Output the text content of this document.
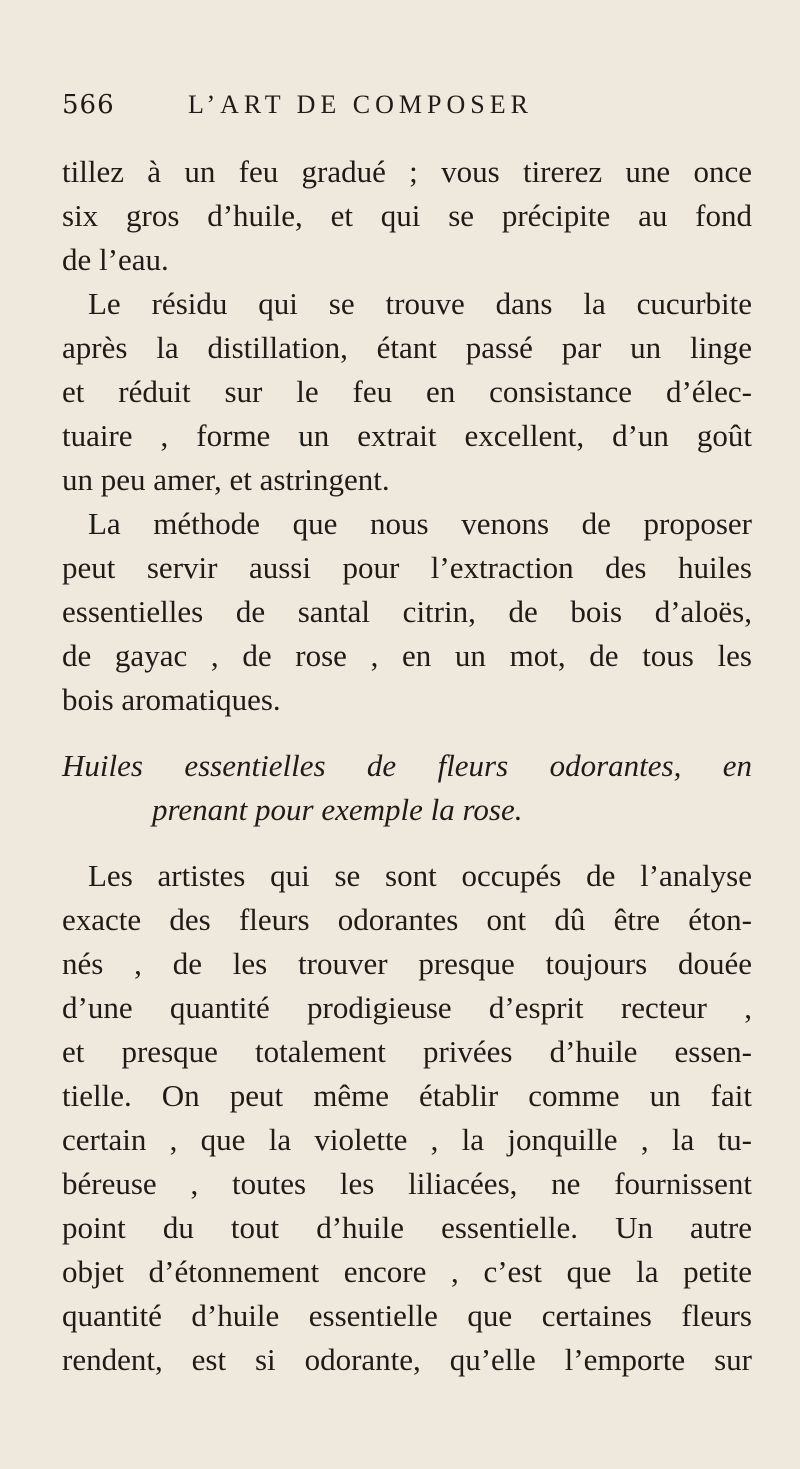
566	L’ART DE COMPOSER
tillez à un feu gradué ; vous tirerez une once
six gros d’huile, et qui se précipite au fond
de l’eau.
Le résidu qui se trouve dans la cucurbite
après la distillation, étant passé par un linge
et réduit sur le feu en consistance d’élec-
tuaire , forme un extrait excellent, d’un goût
un peu amer, et astringent.
La méthode que nous venons de proposer
peut servir aussi pour l’extraction des huiles
essentielles de santal citrin, de bois d’aloës,
de gayac , de rose , en un mot, de tous les
bois aromatiques.
Huiles essentielles de fleurs odorantes, en
prenant pour exemple la rose.
Les artistes qui se sont occupés de l’analyse
exacte des fleurs odorantes ont dû être éton-
nés , de les trouver presque toujours douée
d’une quantité prodigieuse d’esprit recteur ,
et presque totalement privées d’huile essen-
tielle. On peut même établir comme un fait
certain , que la violette , la jonquille , la tu-
béreuse , toutes les liliacées, ne fournissent
point du tout d’huile essentielle. Un autre
objet d’étonnement encore , c’est que la petite
quantité d’huile essentielle que certaines fleurs
rendent, est si odorante, qu’elle l’emporte sur
